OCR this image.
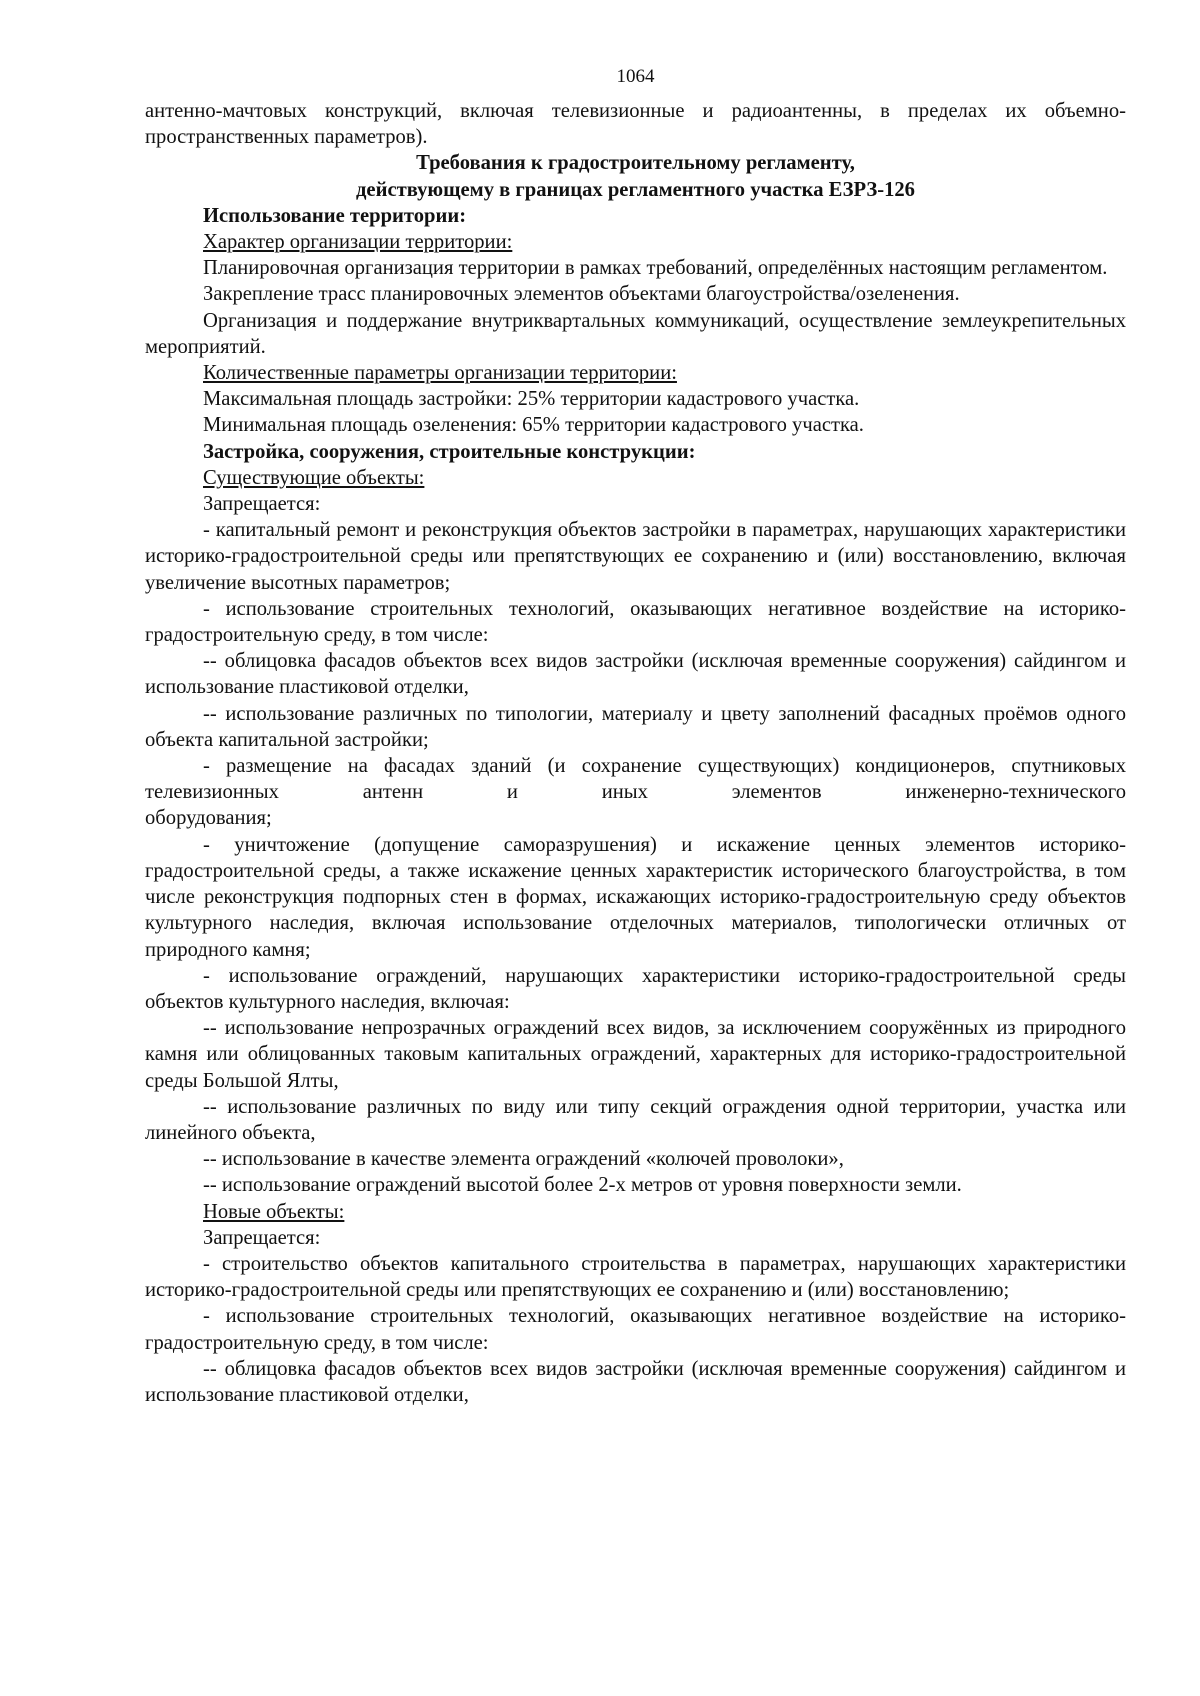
1064

антенно-мачтовых конструкций, включая телевизионные и радиоантенны, в пределах их объемно-пространственных параметров).

Требования к градостроительному регламенту,

действующему в границах регламентного участка ЕЗРЗ-126

Использование территории:

Характер организации территории:

Планировочная организация территории в рамках требований, определённых настоящим регламентом.

Закрепление трасс планировочных элементов объектами благоустройства/озеленения.

Организация и поддержание внутриквартальных коммуникаций, осуществление землеукрепительных мероприятий.

Количественные параметры организации территории:

Максимальная площадь застройки: 25% территории кадастрового участка.

Минимальная площадь озеленения: 65% территории кадастрового участка.

Застройка, сооружения, строительные конструкции:

Существующие объекты:

Запрещается:

- капитальный ремонт и реконструкция объектов застройки в параметрах, нарушающих характеристики историко-градостроительной среды или препятствующих ее сохранению и (или) восстановлению, включая увеличение высотных параметров;

- использование строительных технологий, оказывающих негативное воздействие на историко-градостроительную среду, в том числе:

-- облицовка фасадов объектов всех видов застройки (исключая временные сооружения) сайдингом и использование пластиковой отделки,

-- использование различных по типологии, материалу и цвету заполнений фасадных проёмов одного объекта капитальной застройки;

- размещение на фасадах зданий (и сохранение существующих) кондиционеров, спутниковых телевизионных антенн и иных элементов инженерно-технического

оборудования;

- уничтожение (допущение саморазрушения) и искажение ценных элементов историко-градостроительной среды, а также искажение ценных характеристик исторического благоустройства, в том числе реконструкция подпорных стен в формах, искажающих историко-градостроительную среду объектов культурного наследия, включая использование отделочных материалов, типологически отличных от природного камня;

- использование ограждений, нарушающих характеристики историко-градостроительной среды объектов культурного наследия, включая:

-- использование непрозрачных ограждений всех видов, за исключением сооружённых из природного камня или облицованных таковым капитальных ограждений, характерных для историко-градостроительной среды Большой Ялты,

-- использование различных по виду или типу секций ограждения одной территории, участка или линейного объекта,

-- использование в качестве элемента ограждений «колючей проволоки»,

-- использование ограждений высотой более 2-х метров от уровня поверхности земли.

Новые объекты:

Запрещается:

- строительство объектов капитального строительства в параметрах, нарушающих характеристики историко-градостроительной среды или препятствующих ее сохранению и (или) восстановлению;

- использование строительных технологий, оказывающих негативное воздействие на историко-градостроительную среду, в том числе:

-- облицовка фасадов объектов всех видов застройки (исключая временные сооружения) сайдингом и использование пластиковой отделки,
